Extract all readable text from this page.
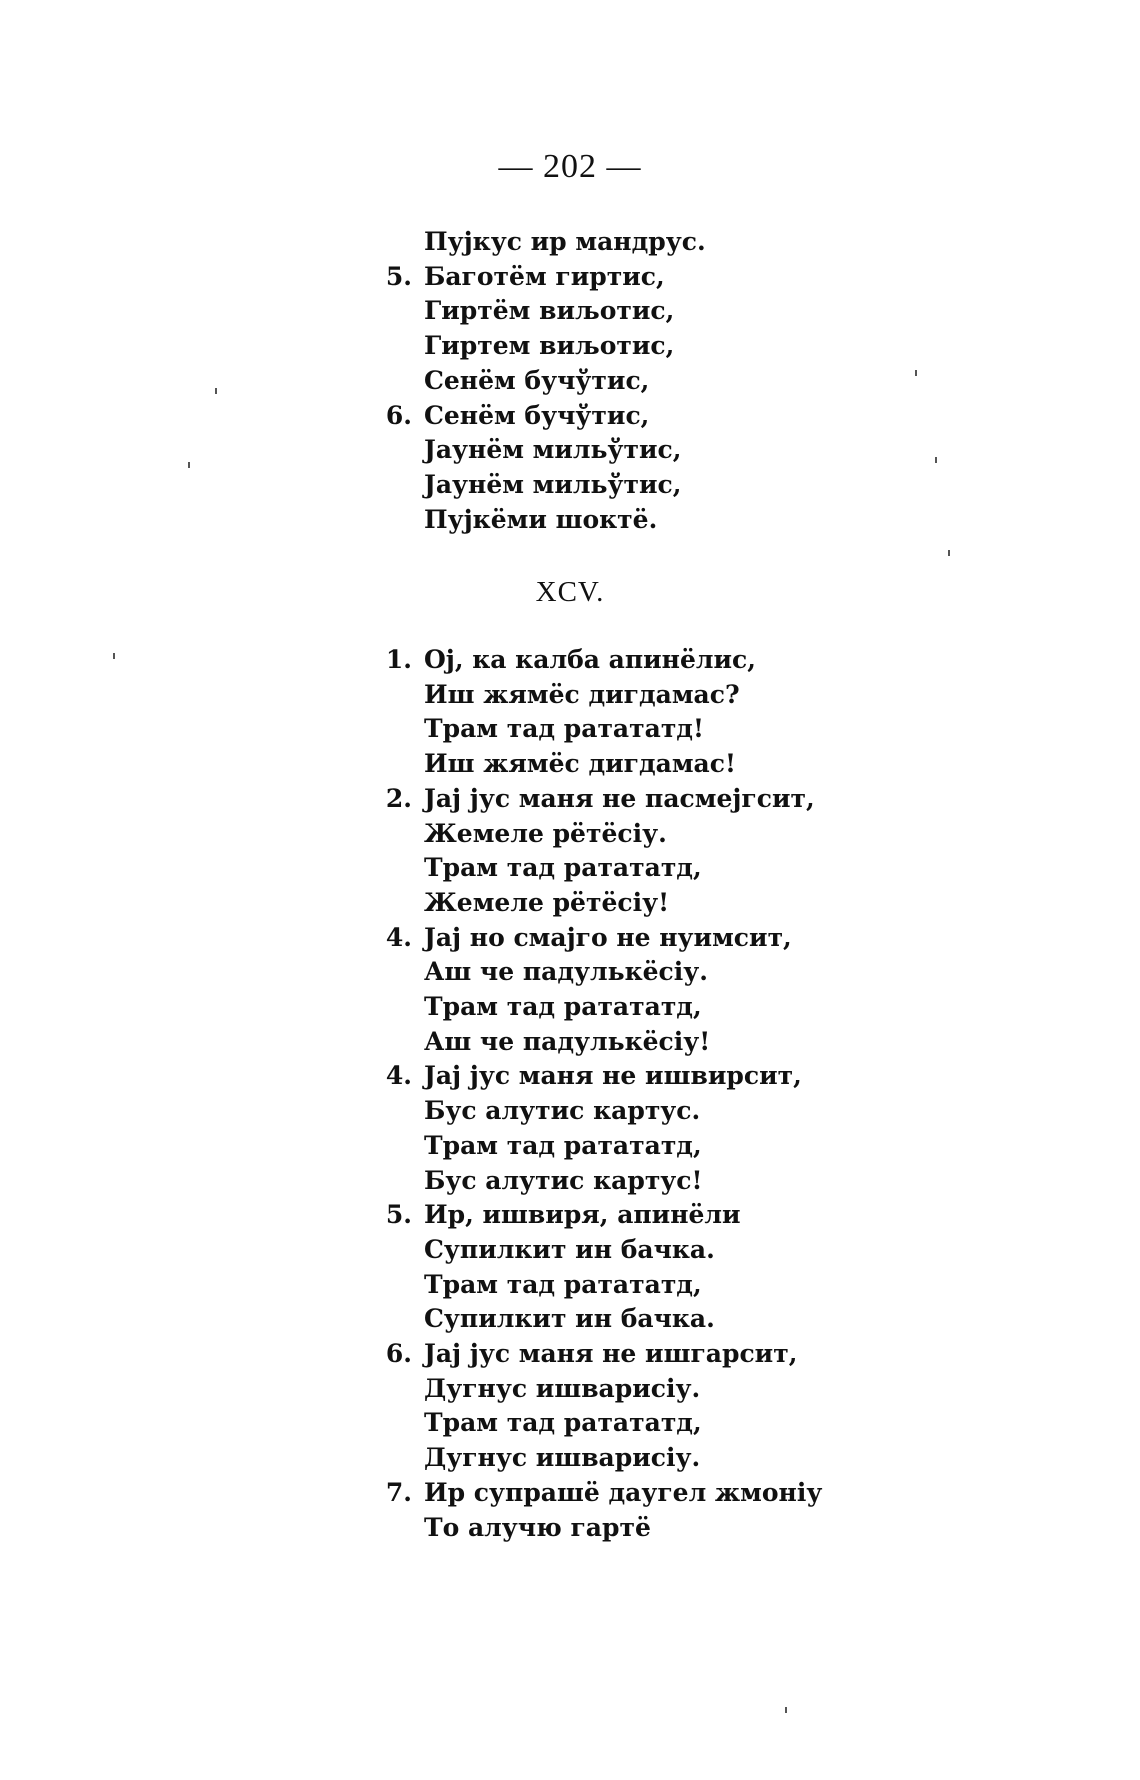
— 202 —
Пујкус ир мандрус.
5. Баготём гиртис,
Гиртём виљотис,
Гиртем виљотис,
Сенём бучўтис,
6. Сенём бучўтис,
Јаунём мильўтис,
Јаунём мильўтис,
Пујкёми шоктё.
XCV.
1. Ој, ка калба апинёлис,
Иш жямёс дигдамас?
Трам тад ратататд!
Иш жямёс дигдамас!
2. Јај јус маня не пасмејгсит,
Жемеле рётёсіу.
Трам тад ратататд,
Жемеле рётёсіу!
4. Јај но смајго не нуимсит,
Аш че падулькёсіу.
Трам тад ратататд,
Аш че падулькёсіу!
4. Јај јус маня не ишвирсит,
Бус алутис картус.
Трам тад ратататд,
Бус алутис картус!
5. Ир, ишвиря, апинёли
Супилкит ин бачка.
Трам тад ратататд,
Супилкит ин бачка.
6. Јај јус маня не ишгарсит,
Дугнус ишварисіу.
Трам тад ратататд,
Дугнус ишварисіу.
7. Ир супрашё даугел жмоніу
То алучю гартё
